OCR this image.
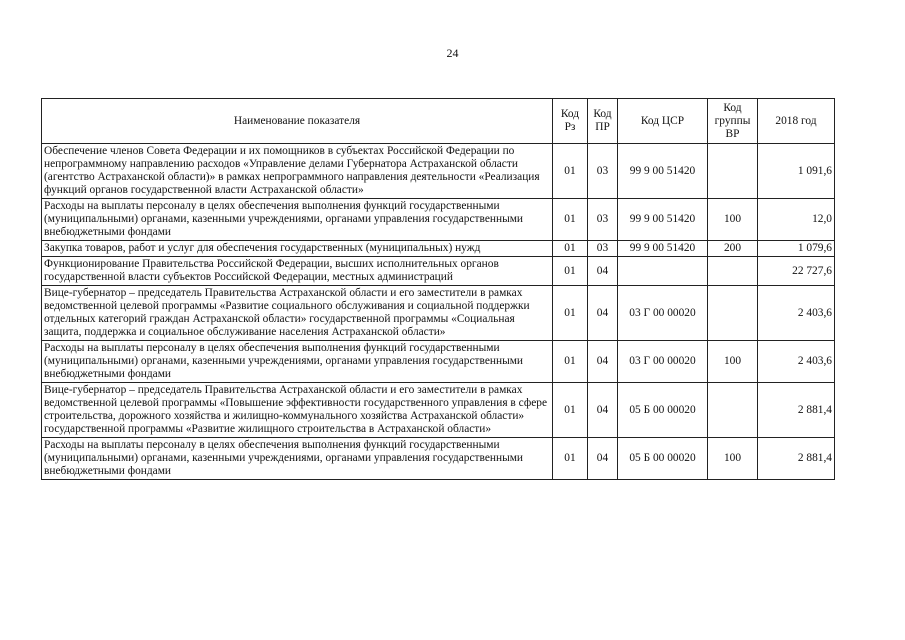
24
Наименование показателя	Код Рз	Код ПР	Код ЦСР	Код группы ВР	2018 год
Обеспечение членов Совета Федерации и их помощников в субъектах Российской Федерации по непрограммному направлению расходов «Управление делами Губернатора Астраханской области (агентство Астраханской области)» в рамках непрограммного направления деятельности «Реализация функций органов государственной власти Астраханской области»	01	03	99 9 00 51420		1 091,6
Расходы на выплаты персоналу в целях обеспечения выполнения функций государственными (муниципальными) органами, казенными учреждениями, органами управления государственными внебюджетными фондами	01	03	99 9 00 51420	100	12,0
Закупка товаров, работ и услуг для обеспечения государственных (муниципальных) нужд	01	03	99 9 00 51420	200	1 079,6
Функционирование Правительства Российской Федерации, высших исполнительных органов государственной власти субъектов Российской Федерации, местных администраций	01	04			22 727,6
Вице-губернатор – председатель Правительства Астраханской области и его заместители в рамках ведомственной целевой программы «Развитие социального обслуживания и социальной поддержки отдельных категорий граждан Астраханской области» государственной программы «Социальная защита, поддержка и социальное обслуживание населения Астраханской области»	01	04	03 Г 00 00020		2 403,6
Расходы на выплаты персоналу в целях обеспечения выполнения функций государственными (муниципальными) органами, казенными учреждениями, органами управления государственными внебюджетными фондами	01	04	03 Г 00 00020	100	2 403,6
Вице-губернатор – председатель Правительства Астраханской области и его заместители в рамках ведомственной целевой программы «Повышение эффективности государственного управления в сфере строительства, дорожного хозяйства и жилищно-коммунального хозяйства Астраханской области» государственной программы «Развитие жилищного строительства в Астраханской области»	01	04	05 Б 00 00020		2 881,4
Расходы на выплаты персоналу в целях обеспечения выполнения функций государственными (муниципальными) органами, казенными учреждениями, органами управления государственными внебюджетными фондами	01	04	05 Б 00 00020	100	2 881,4
